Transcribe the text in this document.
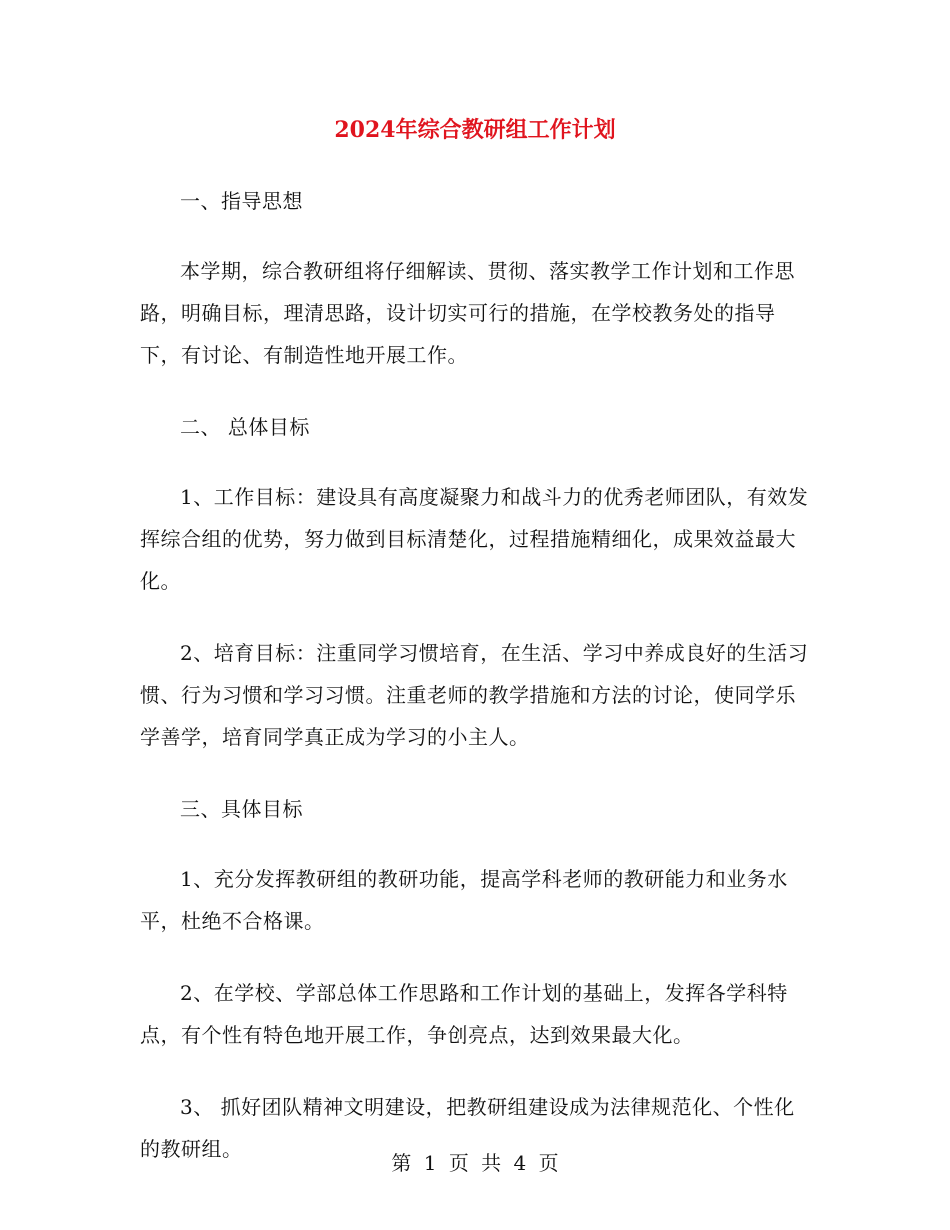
2024年综合教研组工作计划

一、指导思想

本学期，综合教研组将仔细解读、贯彻、落实教学工作计划和工作思路，明确目标，理清思路，设计切实可行的措施，在学校教务处的指导下，有讨论、有制造性地开展工作。

二、 总体目标

1、工作目标：建设具有高度凝聚力和战斗力的优秀老师团队，有效发挥综合组的优势，努力做到目标清楚化，过程措施精细化，成果效益最大化。

2、培育目标：注重同学习惯培育，在生活、学习中养成良好的生活习惯、行为习惯和学习习惯。注重老师的教学措施和方法的讨论，使同学乐学善学，培育同学真正成为学习的小主人。

三、具体目标

1、充分发挥教研组的教研功能，提高学科老师的教研能力和业务水平，杜绝不合格课。

2、在学校、学部总体工作思路和工作计划的基础上，发挥各学科特点，有个性有特色地开展工作，争创亮点，达到效果最大化。

3、 抓好团队精神文明建设，把教研组建设成为法律规范化、个性化的教研组。

第 1 页 共 4 页
